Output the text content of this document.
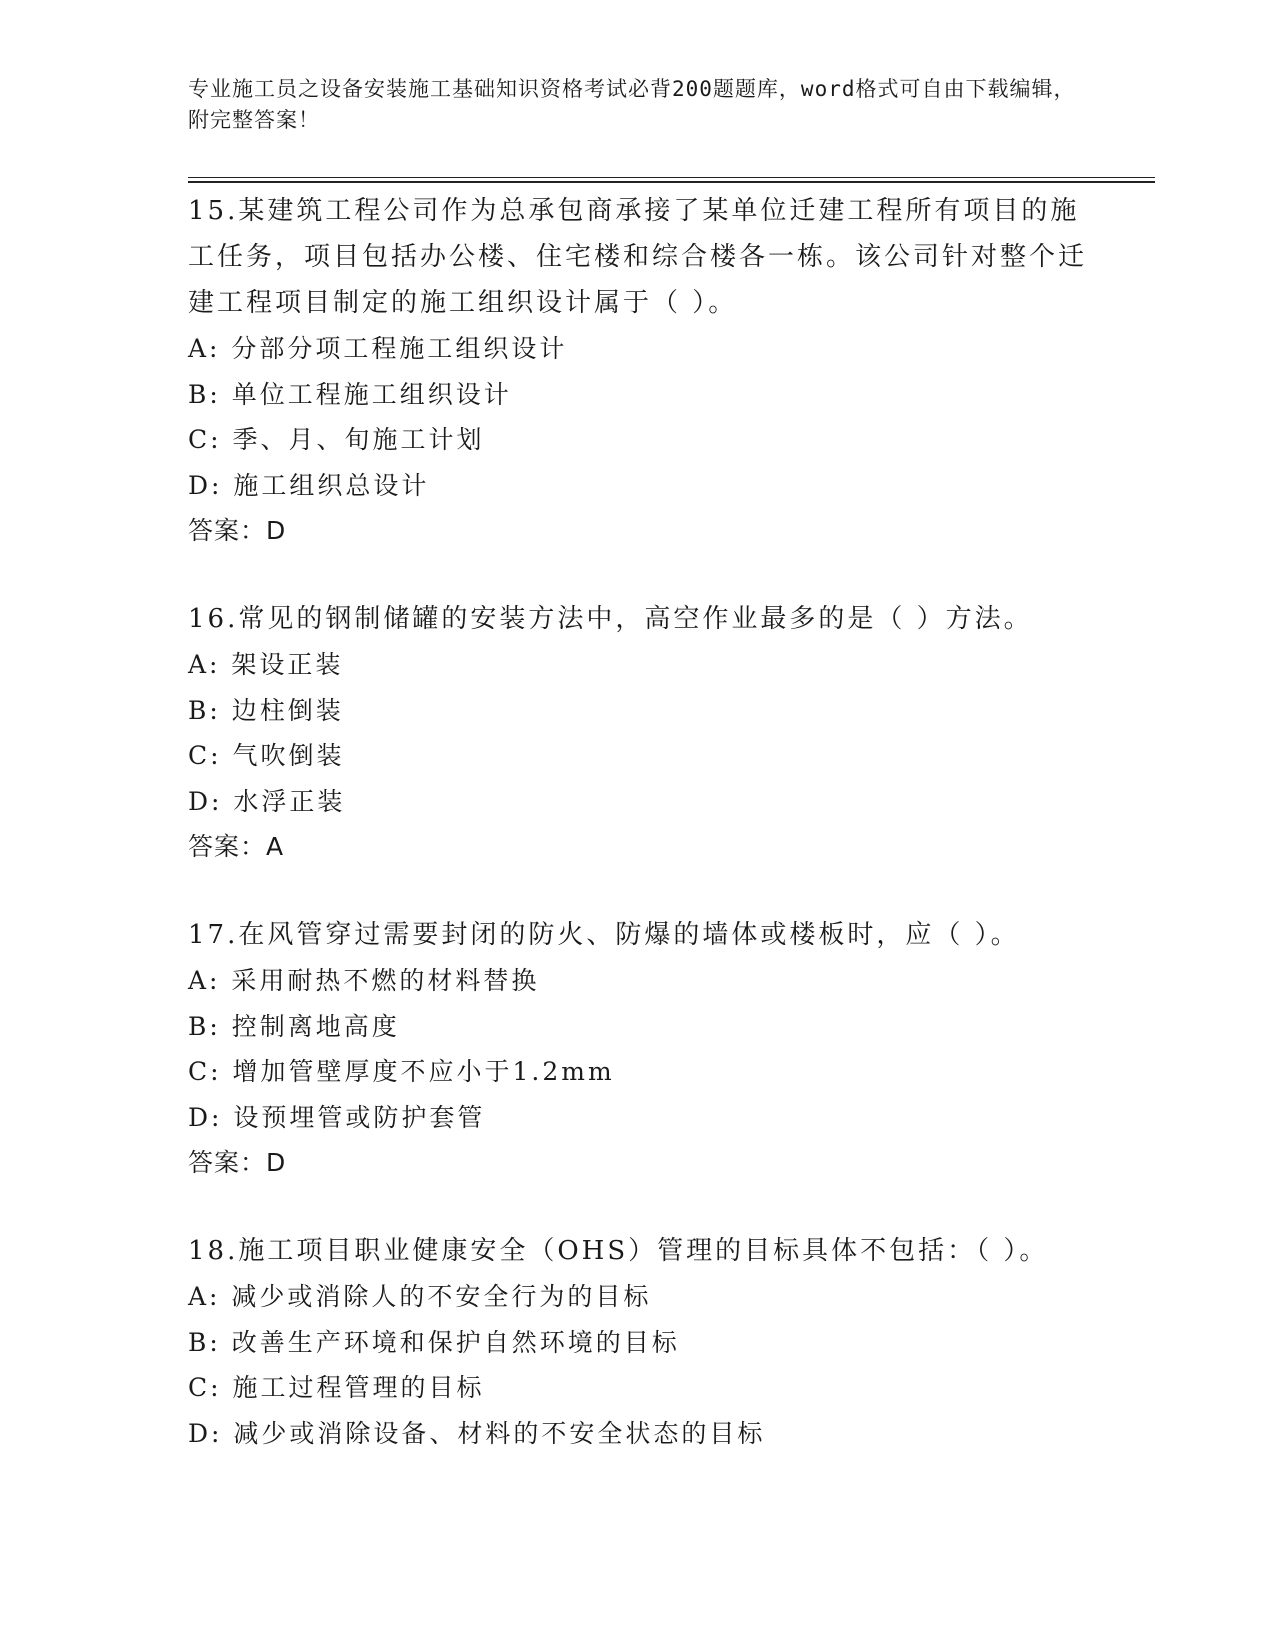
专业施工员之设备安装施工基础知识资格考试必背200题题库，word格式可自由下载编辑，附完整答案！

15.某建筑工程公司作为总承包商承接了某单位迁建工程所有项目的施工任务，项目包括办公楼、住宅楼和综合楼各一栋。该公司针对整个迁建工程项目制定的施工组织设计属于（ ）。

A: 分部分项工程施工组织设计

B: 单位工程施工组织设计

C: 季、月、旬施工计划

D: 施工组织总设计

答案：D

16.常见的钢制储罐的安装方法中，高空作业最多的是（ ）方法。

A: 架设正装

B: 边柱倒装

C: 气吹倒装

D: 水浮正装

答案：A

17.在风管穿过需要封闭的防火、防爆的墙体或楼板时，应（ ）。

A: 采用耐热不燃的材料替换

B: 控制离地高度

C: 增加管壁厚度不应小于1.2mm

D: 设预埋管或防护套管

答案：D

18.施工项目职业健康安全（OHS）管理的目标具体不包括：（ ）。

A: 减少或消除人的不安全行为的目标

B: 改善生产环境和保护自然环境的目标

C: 施工过程管理的目标

D: 减少或消除设备、材料的不安全状态的目标
